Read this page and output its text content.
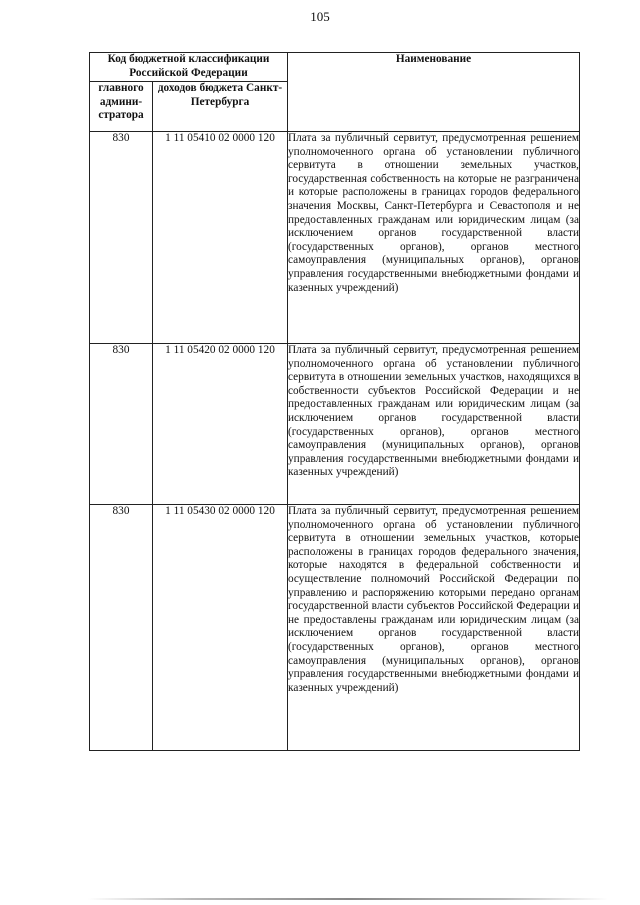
105
Код бюджетной классификации Российской Федерации		Наименование
главного админи-стратора	доходов бюджета Санкт-Петербурга	
830	1 11 05410 02 0000 120	Плата за публичный сервитут, предусмотренная решением уполномоченного органа об установлении публичного сервитута в отношении земельных участков, государственная собственность на которые не разграничена и которые расположены в границах городов федерального значения Москвы, Санкт-Петербурга и Севастополя и не предоставленных гражданам или юридическим лицам (за исключением органов государственной власти (государственных органов), органов местного самоуправления (муниципальных органов), органов управления государственными внебюджетными фондами и казенных учреждений)
830	1 11 05420 02 0000 120	Плата за публичный сервитут, предусмотренная решением уполномоченного органа об установлении публичного сервитута в отношении земельных участков, находящихся в собственности субъектов Российской Федерации и не предоставленных гражданам или юридическим лицам (за исключением органов государственной власти (государственных органов), органов местного самоуправления (муниципальных органов), органов управления государственными внебюджетными фондами и казенных учреждений)
830	1 11 05430 02 0000 120	Плата за публичный сервитут, предусмотренная решением уполномоченного органа об установлении публичного сервитута в отношении земельных участков, которые расположены в границах городов федерального значения, которые находятся в федеральной собственности и осуществление полномочий Российской Федерации по управлению и распоряжению которыми передано органам государственной власти субъектов Российской Федерации и не предоставлены гражданам или юридическим лицам (за исключением органов государственной власти (государственных органов), органов местного самоуправления (муниципальных органов), органов управления государственными внебюджетными фондами и казенных учреждений)
